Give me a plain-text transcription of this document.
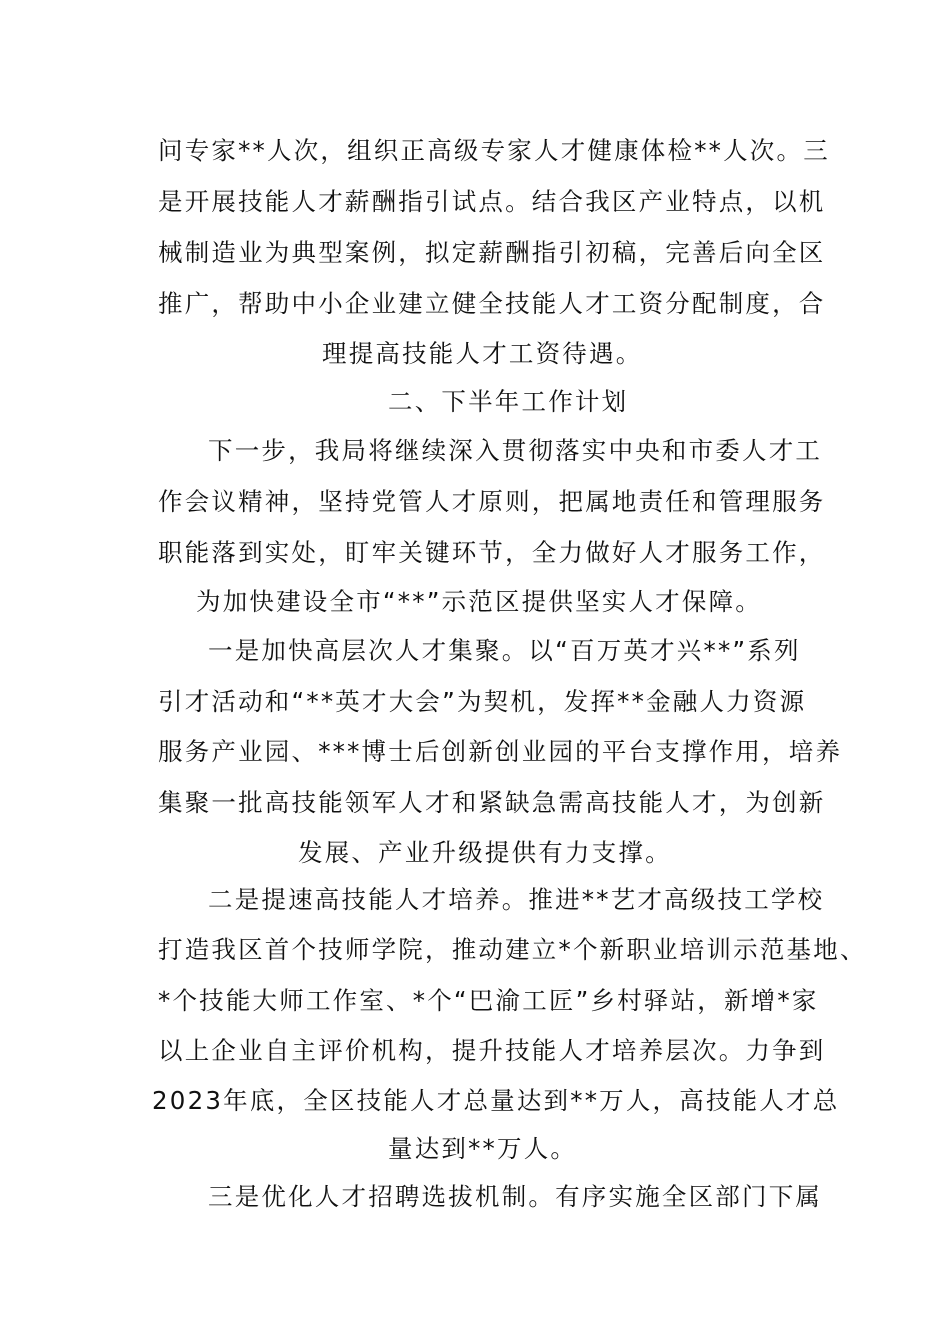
问专家**人次，组织正高级专家人才健康体检**人次。三
是开展技能人才薪酬指引试点。结合我区产业特点，以机
械制造业为典型案例，拟定薪酬指引初稿，完善后向全区
推广，帮助中小企业建立健全技能人才工资分配制度，合
理提高技能人才工资待遇。
二、下半年工作计划
下一步，我局将继续深入贯彻落实中央和市委人才工
作会议精神，坚持党管人才原则，把属地责任和管理服务
职能落到实处，盯牢关键环节，全力做好人才服务工作，
为加快建设全市“**”示范区提供坚实人才保障。
一是加快高层次人才集聚。以“百万英才兴**”系列
引才活动和“**英才大会”为契机，发挥**金融人力资源
服务产业园、***博士后创新创业园的平台支撑作用，培养
集聚一批高技能领军人才和紧缺急需高技能人才，为创新
发展、产业升级提供有力支撑。
二是提速高技能人才培养。推进**艺才高级技工学校
打造我区首个技师学院，推动建立*个新职业培训示范基地、
*个技能大师工作室、*个“巴渝工匠”乡村驿站，新增*家
以上企业自主评价机构，提升技能人才培养层次。力争到
2023年底，全区技能人才总量达到**万人，高技能人才总
量达到**万人。
三是优化人才招聘选拔机制。有序实施全区部门下属
